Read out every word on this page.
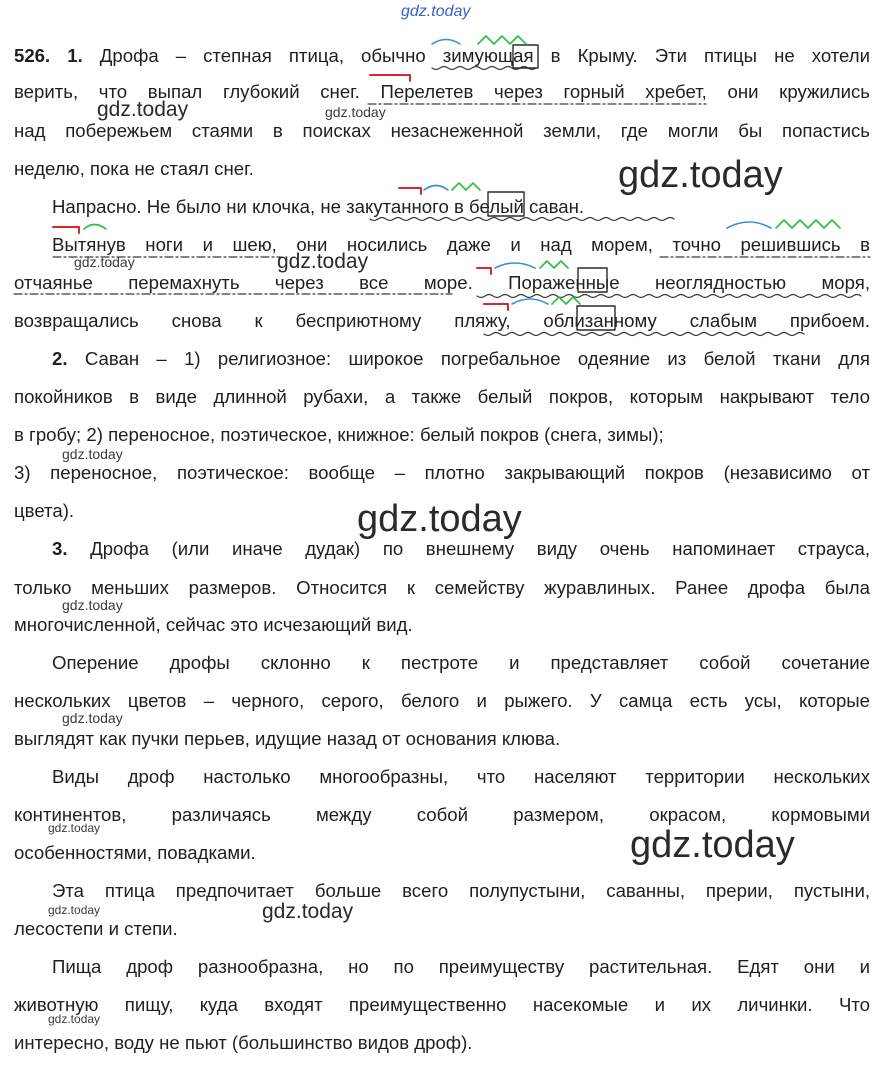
gdz.today
526. 1. Дрофа – степная птица, обычно зимующая в Крыму. Эти птицы не хотели
верить, что выпал глубокий снег. Перелетев через горный хребет, они кружились
над побережьем стаями в поисках незаснеженной земли, где могли бы попастись
неделю, пока не стаял снег.
Напрасно. Не было ни клочка, не закутанного в белый саван.
Вытянув ноги и шею, они носились даже и над морем, точно решившись в
отчаянье перемахнуть через все море. Пораженные неоглядностью моря,
возвращались снова к бесприютному пляжу, облизанному слабым прибоем.
2. Саван – 1) религиозное: широкое погребальное одеяние из белой ткани для
покойников в виде длинной рубахи, а также белый покров, которым накрывают тело
в гробу; 2) переносное, поэтическое, книжное: белый покров (снега, зимы);
3) переносное, поэтическое: вообще – плотно закрывающий покров (независимо от
цвета).
3. Дрофа (или иначе дудак) по внешнему виду очень напоминает страуса,
только меньших размеров. Относится к семейству журавлиных. Ранее дрофа была
многочисленной, сейчас это исчезающий вид.
Оперение дрофы склонно к пестроте и представляет собой сочетание
нескольких цветов – черного, серого, белого и рыжего. У самца есть усы, которые
выглядят как пучки перьев, идущие назад от основания клюва.
Виды дроф настолько многообразны, что населяют территории нескольких
континентов, различаясь между собой размером, окрасом, кормовыми
особенностями, повадками.
Эта птица предпочитает больше всего полупустыни, саванны, прерии, пустыни,
лесостепи и степи.
Пища дроф разнообразна, но по преимуществу растительная. Едят они и
животную пищу, куда входят преимущественно насекомые и их личинки. Что
интересно, воду не пьют (большинство видов дроф).
gdz.today	gdz.today
gdz.today
gdz.today	gdz.today
gdz.today
gdz.today
gdz.today
gdz.today
gdz.today	gdz.today
gdz.today	gdz.today
gdz.today
